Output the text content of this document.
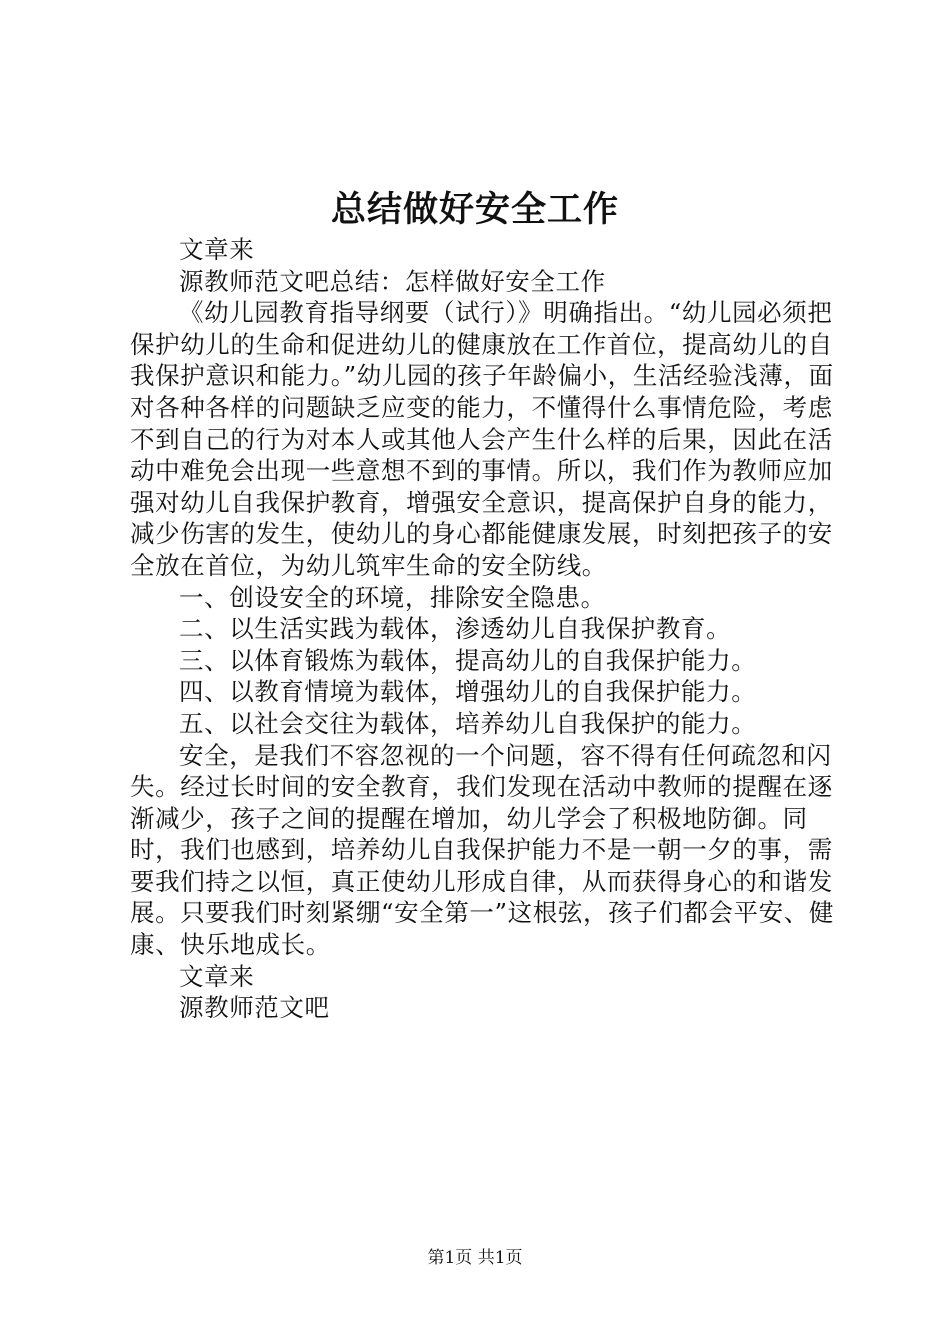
总结做好安全工作

文章来

源教师范文吧总结：怎样做好安全工作

《幼儿园教育指导纲要（试行）》明确指出。“幼儿园必须把保护幼儿的生命和促进幼儿的健康放在工作首位，提高幼儿的自我保护意识和能力。”幼儿园的孩子年龄偏小，生活经验浅薄，面对各种各样的问题缺乏应变的能力，不懂得什么事情危险，考虑不到自己的行为对本人或其他人会产生什么样的后果，因此在活动中难免会出现一些意想不到的事情。所以，我们作为教师应加强对幼儿自我保护教育，增强安全意识，提高保护自身的能力，减少伤害的发生，使幼儿的身心都能健康发展，时刻把孩子的安全放在首位，为幼儿筑牢生命的安全防线。

一、创设安全的环境，排除安全隐患。

二、以生活实践为载体，渗透幼儿自我保护教育。

三、以体育锻炼为载体，提高幼儿的自我保护能力。

四、以教育情境为载体，增强幼儿的自我保护能力。

五、以社会交往为载体，培养幼儿自我保护的能力。

安全，是我们不容忽视的一个问题，容不得有任何疏忽和闪失。经过长时间的安全教育，我们发现在活动中教师的提醒在逐渐减少，孩子之间的提醒在增加，幼儿学会了积极地防御。同时，我们也感到，培养幼儿自我保护能力不是一朝一夕的事，需要我们持之以恒，真正使幼儿形成自律，从而获得身心的和谐发展。只要我们时刻紧绷“安全第一”这根弦，孩子们都会平安、健康、快乐地成长。

文章来

源教师范文吧

第1页 共1页
